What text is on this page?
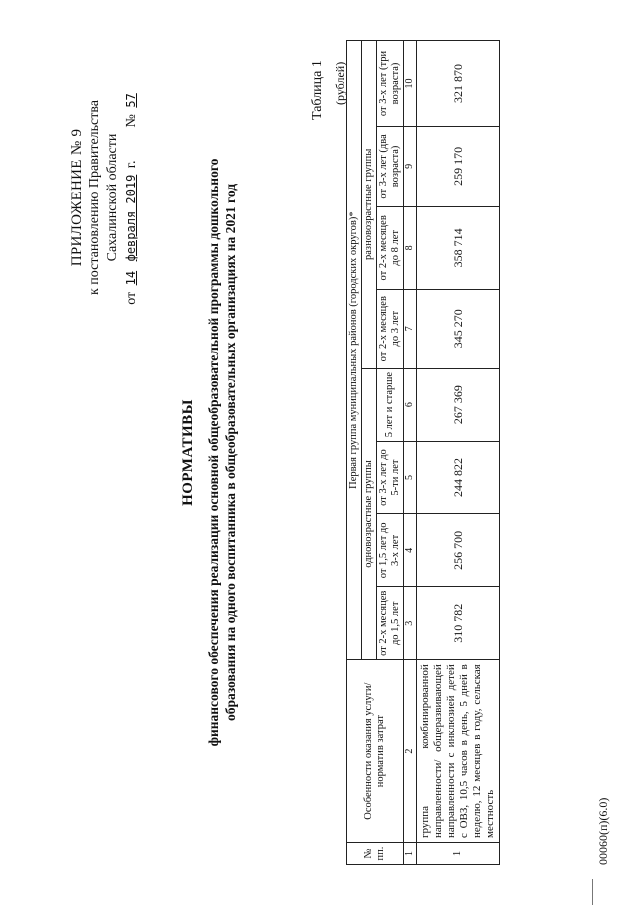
ПРИЛОЖЕНИЕ № 9 к постановлению Правительства Сахалинской области
от 14 февраля 2019 г.  № 57
НОРМАТИВЫ финансового обеспечения реализации основной общеобразовательной программы дошкольного образования на одного воспитанника в общеобразовательных организациях на 2021 год
Таблица 1 (рублей)
№ пп.	Особенности оказания услуги/норматив затрат	Первая группа муниципальных районов (городских округов)*							
		одновозрастные группы				разновозрастные группы			
		от 2-х месяцев до 1,5 лет	от 1,5 лет до 3-х лет	от 3-х лет до 5-ти лет	5 лет и старше	от 2-х месяцев до 3 лет	от 2-х месяцев до 8 лет	от 3-х лет (два возраста)	от 3-х лет (три возраста)
1	2	3	4	5	6	7	8	9	10
1	группа комбинированной направленности/ общеразвивающей направленности с инклюзией детей с ОВЗ, 10,5 часов в день, 5 дней в неделю, 12 месяцев в году, сельская местность	310 782	256 700	244 822	267 369	345 270	358 714	259 170	321 870
00060(п)(6.0)
